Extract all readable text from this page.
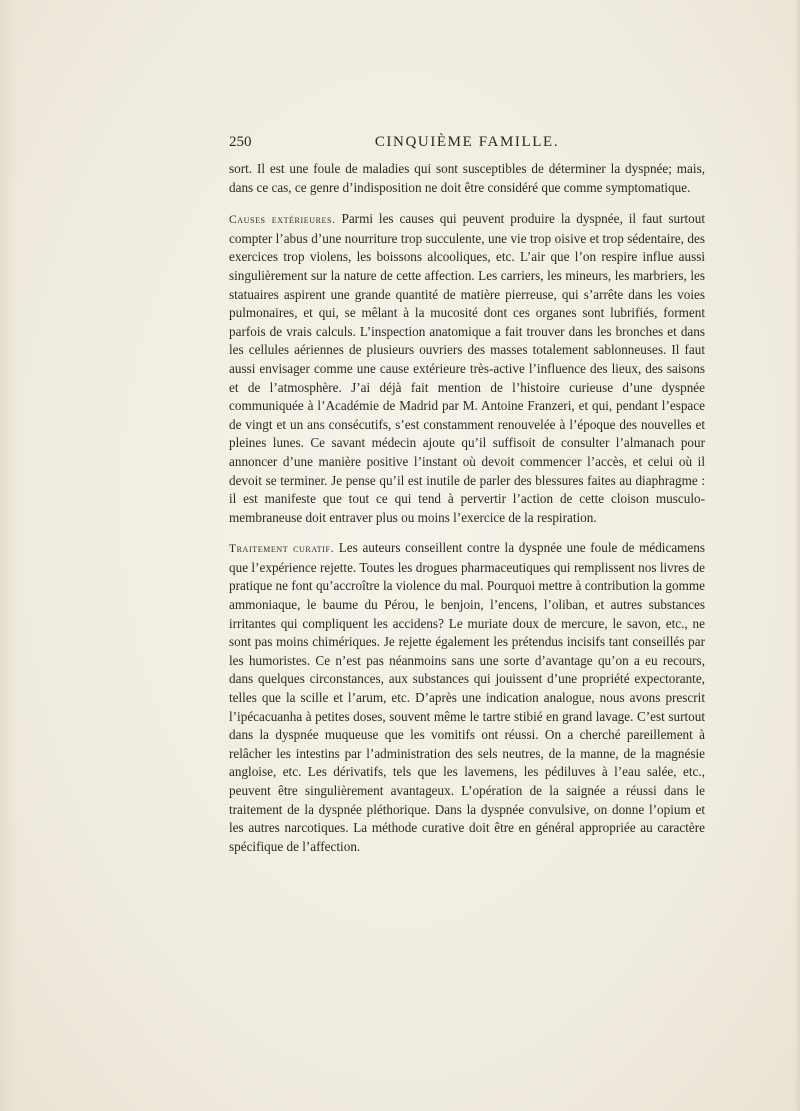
250	CINQUIÈME FAMILLE.

sort. Il est une foule de maladies qui sont susceptibles de déterminer la dyspnée; mais, dans ce cas, ce genre d’indisposition ne doit être considéré que comme symptomatique.

Causes extérieures. Parmi les causes qui peuvent produire la dyspnée, il faut surtout compter l’abus d’une nourriture trop succulente, une vie trop oisive et trop sédentaire, des exercices trop violens, les boissons alcooliques, etc. L’air que l’on respire influe aussi singulièrement sur la nature de cette affection. Les carriers, les mineurs, les marbriers, les statuaires aspirent une grande quantité de matière pierreuse, qui s’arrête dans les voies pulmonaires, et qui, se mêlant à la mucosité dont ces organes sont lubrifiés, forment parfois de vrais calculs. L’inspection anatomique a fait trouver dans les bronches et dans les cellules aériennes de plusieurs ouvriers des masses totalement sablonneuses. Il faut aussi envisager comme une cause extérieure très-active l’influence des lieux, des saisons et de l’atmosphère. J’ai déjà fait mention de l’histoire curieuse d’une dyspnée communiquée à l’Académie de Madrid par M. Antoine Franzeri, et qui, pendant l’espace de vingt et un ans consécutifs, s’est constamment renouvelée à l’époque des nouvelles et pleines lunes. Ce savant médecin ajoute qu’il suffisoit de consulter l’almanach pour annoncer d’une manière positive l’instant où devoit commencer l’accès, et celui où il devoit se terminer. Je pense qu’il est inutile de parler des blessures faites au diaphragme : il est manifeste que tout ce qui tend à pervertir l’action de cette cloison musculo-membraneuse doit entraver plus ou moins l’exercice de la respiration.

Traitement curatif. Les auteurs conseillent contre la dyspnée une foule de médicamens que l’expérience rejette. Toutes les drogues pharmaceutiques qui remplissent nos livres de pratique ne font qu’accroître la violence du mal. Pourquoi mettre à contribution la gomme ammoniaque, le baume du Pérou, le benjoin, l’encens, l’oliban, et autres substances irritantes qui compliquent les accidens? Le muriate doux de mercure, le savon, etc., ne sont pas moins chimériques. Je rejette également les prétendus incisifs tant conseillés par les humoristes. Ce n’est pas néanmoins sans une sorte d’avantage qu’on a eu recours, dans quelques circonstances, aux substances qui jouissent d’une propriété expectorante, telles que la scille et l’arum, etc. D’après une indication analogue, nous avons prescrit l’ipécacuanha à petites doses, souvent même le tartre stibié en grand lavage. C’est surtout dans la dyspnée muqueuse que les vomitifs ont réussi. On a cherché pareillement à relâcher les intestins par l’administration des sels neutres, de la manne, de la magnésie angloise, etc. Les dérivatifs, tels que les lavemens, les pédiluves à l’eau salée, etc., peuvent être singulièrement avantageux. L’opération de la saignée a réussi dans le traitement de la dyspnée pléthorique. Dans la dyspnée convulsive, on donne l’opium et les autres narcotiques. La méthode curative doit être en général appropriée au caractère spécifique de l’affection.
